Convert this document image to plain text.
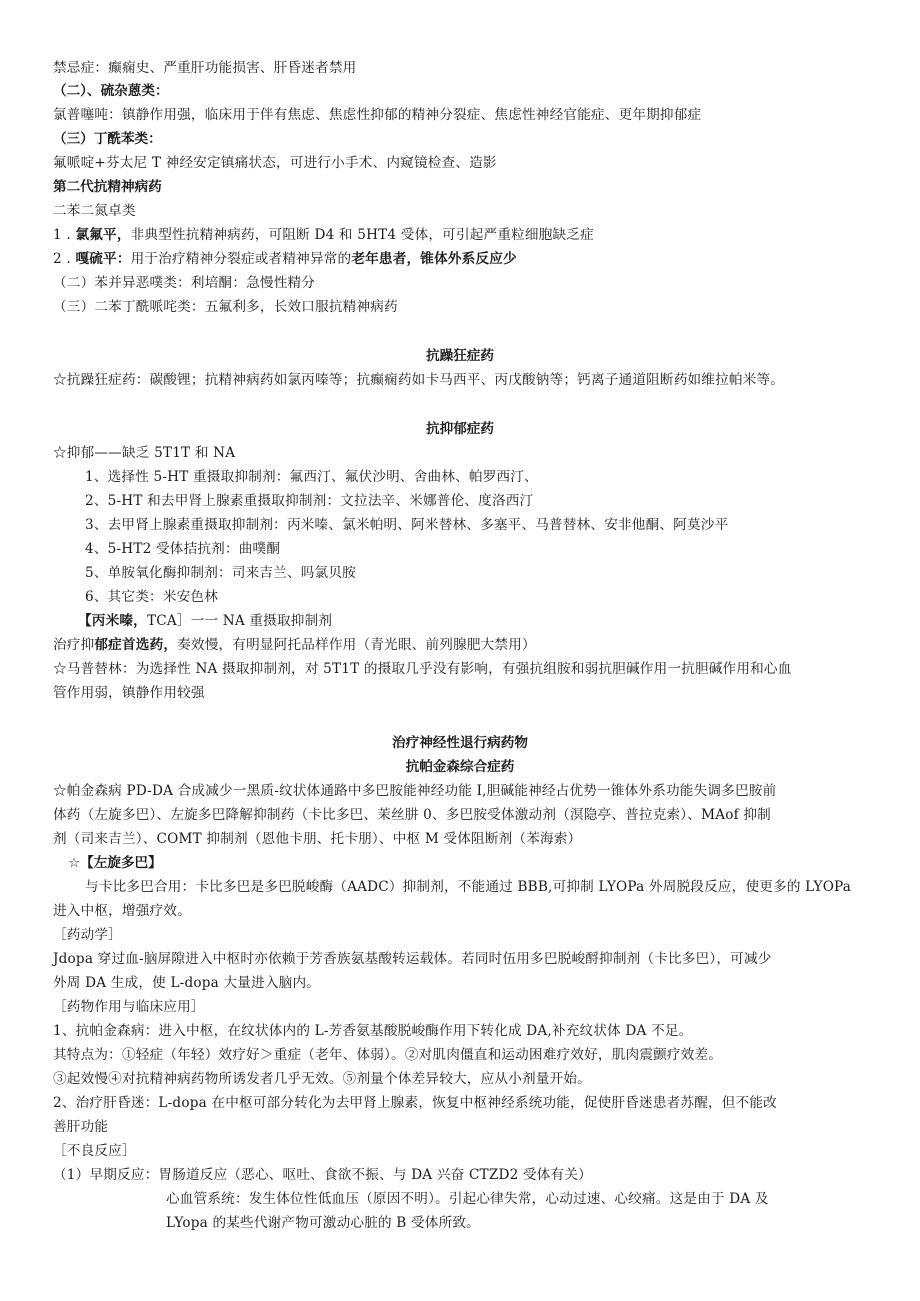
禁忌症：癫痫史、严重肝功能损害、肝昏迷者禁用
（二）、硫杂蒽类：
氯普噻吨：镇静作用强，临床用于伴有焦虑、焦虑性抑郁的精神分裂症、焦虑性神经官能症、更年期抑郁症
（三）丁酰苯类：
氟哌啶+芬太尼 T 神经安定镇痛状态，可进行小手术、内窥镜检查、造影
第二代抗精神病药
二苯二氮卓类
1 . 氯氟平，非典型性抗精神病药，可阻断 D4 和 5HT4 受体，可引起严重粒细胞缺乏症
2 . 嘎硫平：用于治疗精神分裂症或者精神异常的老年患者，锥体外系反应少
（二）苯并异恶噗类：利培酮：急慢性精分
（三）二苯丁酰哌咤类：五氟利多，长效口服抗精神病药
抗躁狂症药
☆抗躁狂症药：碳酸锂；抗精神病药如氯丙嗪等；抗癫痫药如卡马西平、丙戊酸钠等；钙离子通道阻断药如维拉帕米等。
抗抑郁症药
☆抑郁——缺乏 5T1T 和 NA
1、选择性 5-HT 重摄取抑制剂：氟西汀、氟伏沙明、舍曲林、帕罗西汀、
2、5-HT 和去甲肾上腺素重摄取抑制剂：文拉法辛、米娜普伦、度洛西汀
3、去甲肾上腺素重摄取抑制剂：丙米嗪、氯米帕明、阿米替林、多塞平、马普替林、安非他酮、阿莫沙平
4、5-HT2 受体拮抗剂：曲噗酮
5、单胺氧化酶抑制剂：司来吉兰、吗氯贝胺
6、其它类：米安色林
【丙米嗪，TCA］一一 NA 重摄取抑制剂
治疗抑郁症首选药，奏效慢，有明显阿托品样作用（青光眼、前列腺肥大禁用）
☆马普替林：为选择性 NA 摄取抑制剂，对 5T1T 的摄取几乎没有影响，有强抗组胺和弱抗胆碱作用一抗胆碱作用和心血
管作用弱，镇静作用较强
治疗神经性退行病药物
抗帕金森综合症药
☆帕金森病 PD-DA 合成减少一黑质-纹状体通路中多巴胺能神经功能 I,胆碱能神经占优势一锥体外系功能失调多巴胺前
体药（左旋多巴）、左旋多巴降解抑制药（卡比多巴、茉丝肼 0、多巴胺受体激动剂（溟隐亭、普拉克索）、MAof 抑制
剂（司来吉兰）、COMT 抑制剂（恩他卡朋、托卡朋）、中枢 M 受体阻断剂（苯海索）
☆【左旋多巴】
与卡比多巴合用：卡比多巴是多巴脱峻酶（AADC）抑制剂，不能通过 BBB,可抑制 LYOPa 外周脱段反应，使更多的 LYOPa
进入中枢，增强疗效。
［药动学］
Jdopa 穿过血-脑屏隙进入中枢时亦依赖于芳香族氨基酸转运载体。若同时伍用多巴脱峻酹抑制剂（卡比多巴），可减少
外周 DA 生成，使 L-dopa 大量进入脑内。
［药物作用与临床应用］
1、抗帕金森病：进入中枢，在纹状体内的 L-芳香氨基酸脱峻酶作用下转化成 DA,补充纹状体 DA 不足。
其特点为：①轻症（年轻）效疗好＞重症（老年、体弱）。②对肌肉僵直和运动困难疗效好，肌肉震颤疗效差。
③起效慢④对抗精神病药物所诱发者几乎无效。⑤剂量个体差异较大，应从小剂量开始。
2、治疗肝昏迷：L-dopa 在中枢可部分转化为去甲肾上腺素，恢复中枢神经系统功能，促使肝昏迷患者苏醒，但不能改
善肝功能
［不良反应］
（1）早期反应：胃肠道反应（恶心、呕吐、食欲不振、与 DA 兴奋 CTZD2 受体有关）
心血管系统：发生体位性低血压（原因不明）。引起心律失常，心动过速、心绞痛。这是由于 DA 及
LYopa 的某些代谢产物可激动心脏的 B 受体所致。
